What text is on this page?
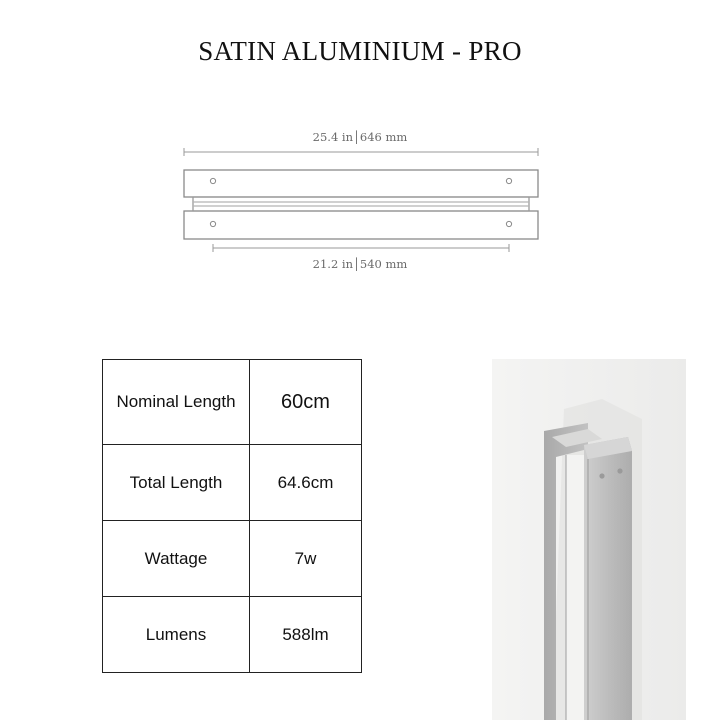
SATIN ALUMINIUM - PRO
25.4 in│646 mm
21.2 in│540 mm
Nominal Length	60cm
Total Length	64.6cm
Wattage	7w
Lumens	588lm
